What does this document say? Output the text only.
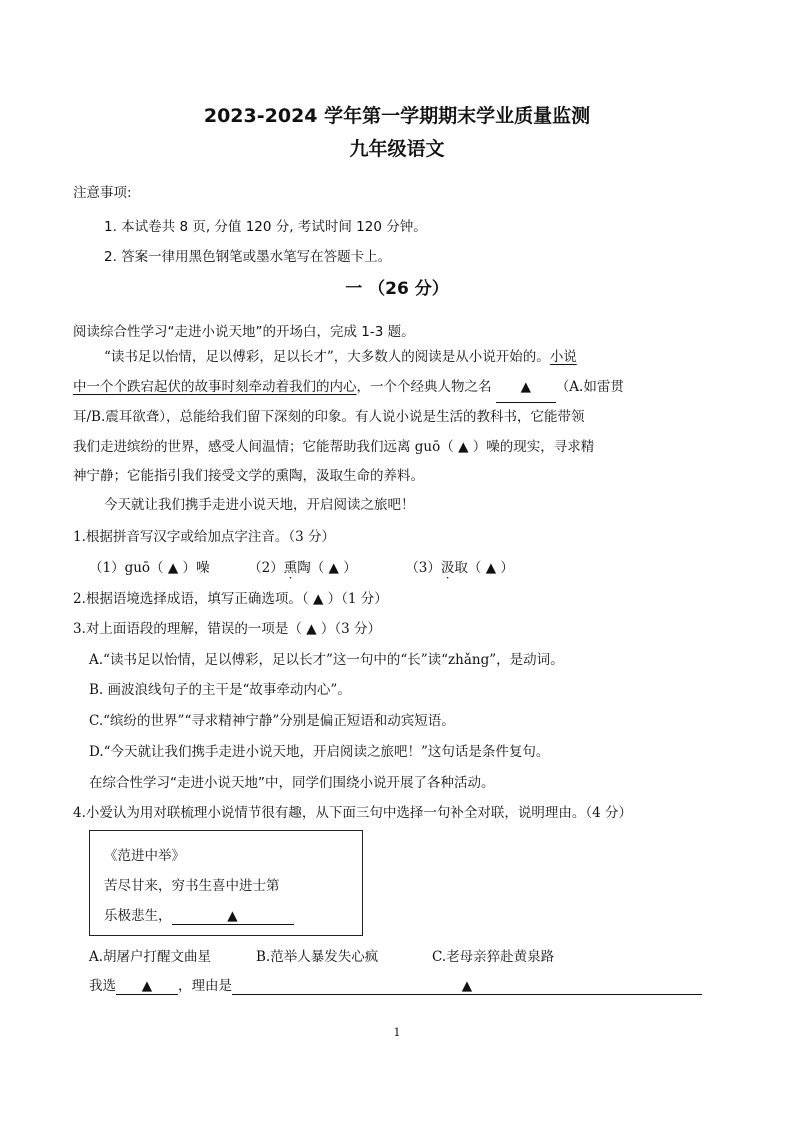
2023-2024 学年第一学期期末学业质量监测
九年级语文
注意事项:
1. 本试卷共 8 页, 分值 120 分, 考试时间 120 分钟。
2. 答案一律用黑色钢笔或墨水笔写在答题卡上。
一 （26 分）
阅读综合性学习“走进小说天地”的开场白，完成 1-3 题。
“读书足以怡情，足以傅彩，足以长才”，大多数人的阅读是从小说开始的。小说
中一个个跌宕起伏的故事时刻牵动着我们的内心，一个个经典人物之名 ▲ （A.如雷贯
耳/B.震耳欲聋），总能给我们留下深刻的印象。有人说小说是生活的教科书，它能带领
我们走进缤纷的世界，感受人间温情；它能帮助我们远离 guō（ ▲ ）噪的现实，寻求精
神宁静；它能指引我们接受文学的熏 ·陶，汲 ·取生命的养料。
今天就让我们携手走进小说天地，开启阅读之旅吧！
1.根据拼音写汉字或给加点字注音。（3 分）
（1）guō（ ▲ ）噪	（2）熏陶（ ▲ ）	（3）汲取（ ▲ ）
2.根据语境选择成语，填写正确选项。（ ▲ ）（1 分）
3.对上面语段的理解，错误的一项是（ ▲ ）（3 分）
A.“读书足以怡情，足以傅彩，足以长才”这一句中的“长”读“zhǎng”，是动词。
B. 画波浪线句子的主干是“故事牵动内心”。
C.“缤纷的世界”“寻求精神宁静”分别是偏正短语和动宾短语。
D.“今天就让我们携手走进小说天地，开启阅读之旅吧！”这句话是条件复句。
在综合性学习“走进小说天地”中，同学们围绕小说开展了各种活动。
4.小爱认为用对联梳理小说情节很有趣，从下面三句中选择一句补全对联，说明理由。（4 分）
《范进中举》
苦尽甘来，穷书生喜中进士第
乐极悲生，	▲
A.胡屠户打醒文曲星	B.范举人暴发失心疯	C.老母亲猝赴黄泉路
我选 ▲ ，理由是	▲
1
